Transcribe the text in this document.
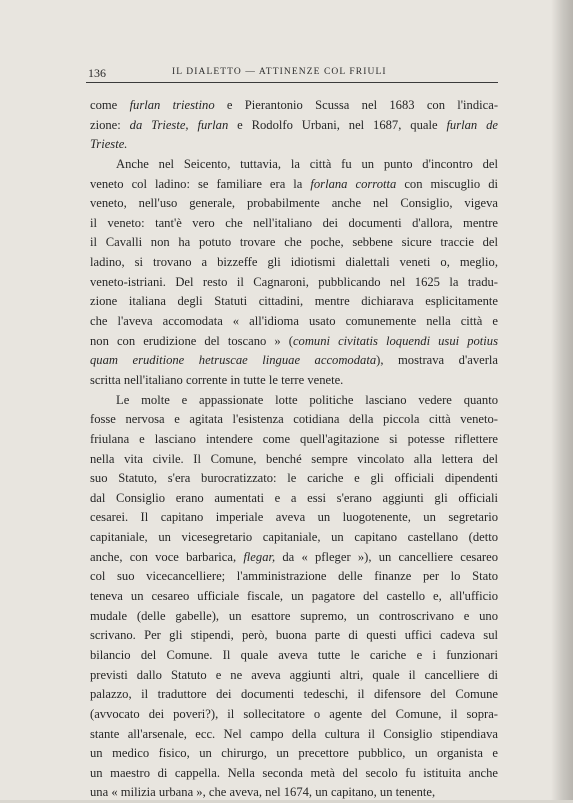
136	IL DIALETTO — ATTINENZE COL FRIULI
come furlan triestino e Pierantonio Scussa nel 1683 con l'indica-
zione: da Trieste, furlan e Rodolfo Urbani, nel 1687, quale furlan de
Trieste.
Anche nel Seicento, tuttavia, la città fu un punto d'incontro del
veneto col ladino: se familiare era la forlana corrotta con miscuglio di
veneto, nell'uso generale, probabilmente anche nel Consiglio, vigeva
il veneto: tant'è vero che nell'italiano dei documenti d'allora, mentre
il Cavalli non ha potuto trovare che poche, sebbene sicure traccie del
ladino, si trovano a bizzeffe gli idiotismi dialettali veneti o, meglio,
veneto-istriani. Del resto il Cagnaroni, pubblicando nel 1625 la tradu-
zione italiana degli Statuti cittadini, mentre dichiarava esplicitamente
che l'aveva accomodata « all'idioma usato comunemente nella città e
non con erudizione del toscano » (comuni civitatis loquendi usui potius
quam eruditione hetruscae linguae accomodata), mostrava d'averla
scritta nell'italiano corrente in tutte le terre venete.
Le molte e appassionate lotte politiche lasciano vedere quanto
fosse nervosa e agitata l'esistenza cotidiana della piccola città veneto-
friulana e lasciano intendere come quell'agitazione si potesse riflettere
nella vita civile. Il Comune, benché sempre vincolato alla lettera del
suo Statuto, s'era burocratizzato: le cariche e gli officiali dipendenti
dal Consiglio erano aumentati e a essi s'erano aggiunti gli officiali
cesarei. Il capitano imperiale aveva un luogotenente, un segretario
capitaniale, un vicesegretario capitaniale, un capitano castellano (detto
anche, con voce barbarica, flegar, da « pfleger »), un cancelliere cesareo
col suo vicecancelliere; l'amministrazione delle finanze per lo Stato
teneva un cesareo ufficiale fiscale, un pagatore del castello e, all'ufficio
mudale (delle gabelle), un esattore supremo, un controscrivano e uno
scrivano. Per gli stipendi, però, buona parte di questi uffici cadeva sul
bilancio del Comune. Il quale aveva tutte le cariche e i funzionari
previsti dallo Statuto e ne aveva aggiunti altri, quale il cancelliere di
palazzo, il traduttore dei documenti tedeschi, il difensore del Comune
(avvocato dei poveri?), il sollecitatore o agente del Comune, il sopra-
stante all'arsenale, ecc. Nel campo della cultura il Consiglio stipendiava
un medico fisico, un chirurgo, un precettore pubblico, un organista e
un maestro di cappella. Nella seconda metà del secolo fu istituita anche
una « milizia urbana », che aveva, nel 1674, un capitano, un tenente,
